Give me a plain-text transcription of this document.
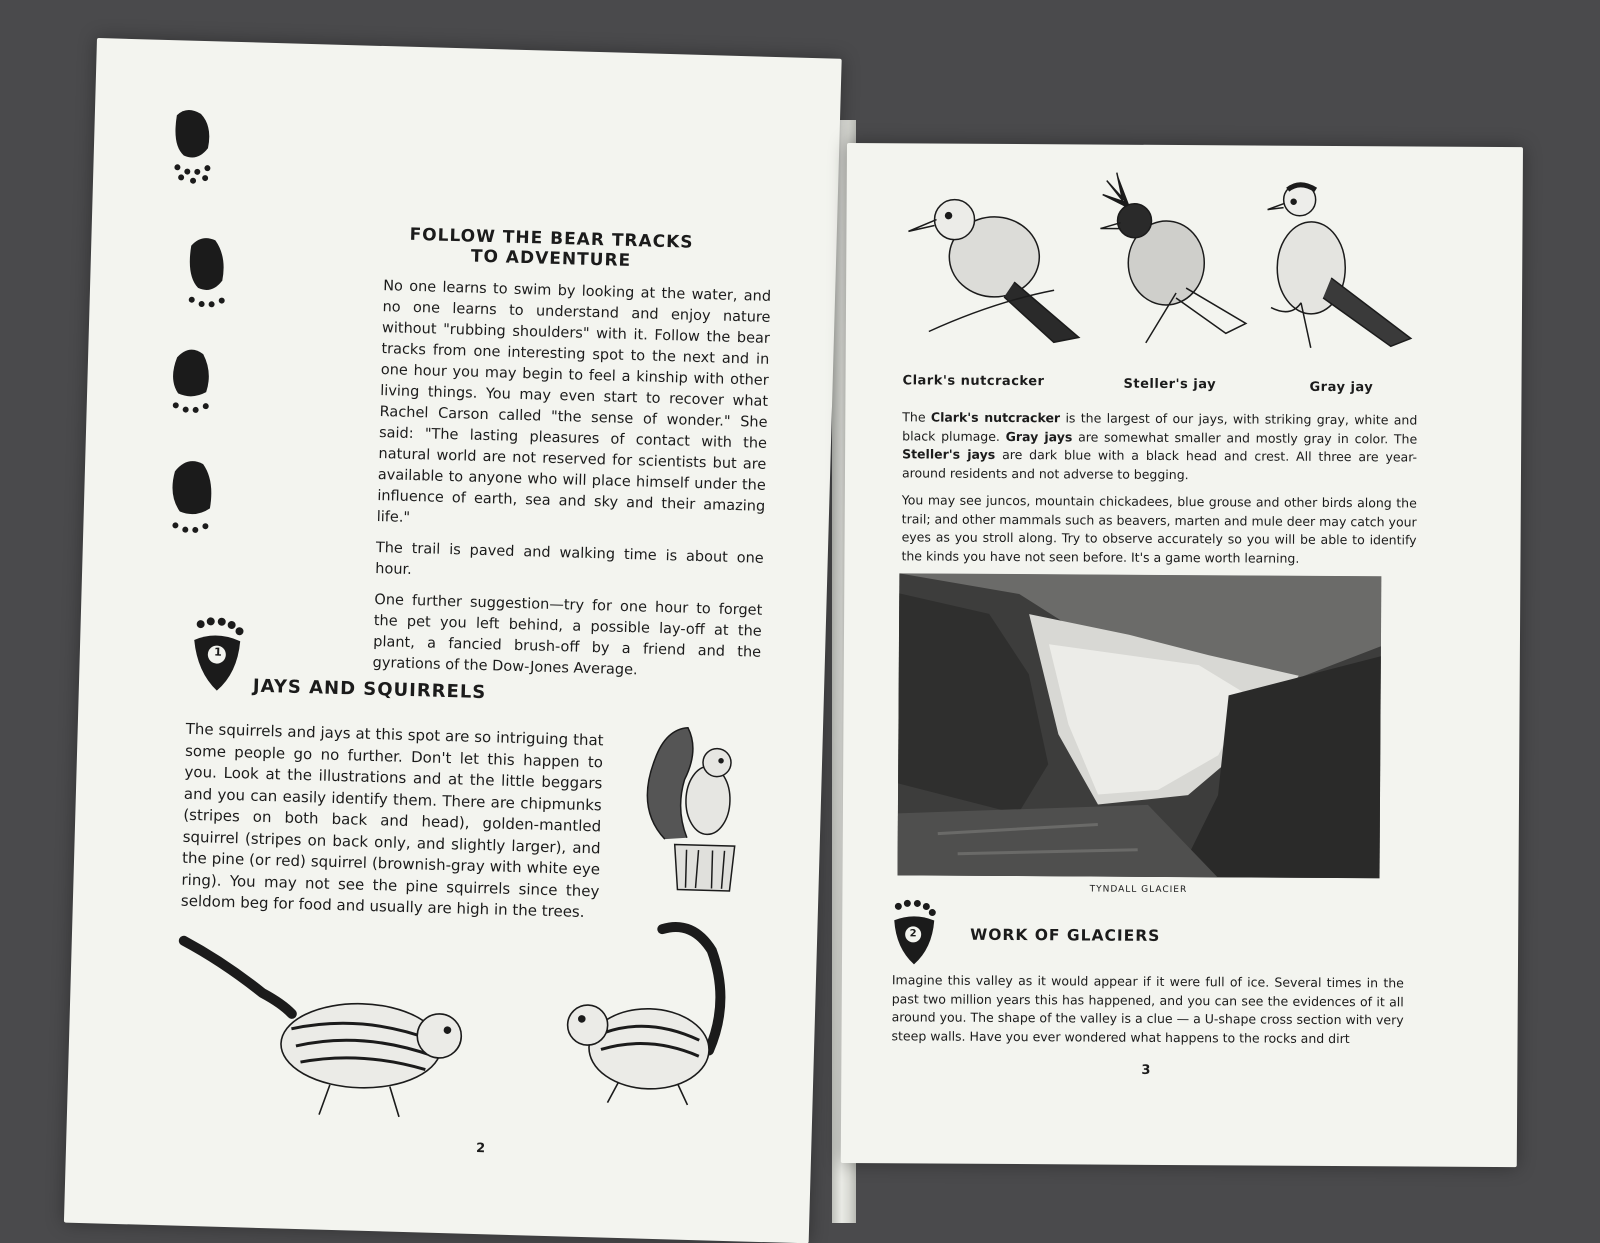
FOLLOW THE BEAR TRACKS
TO ADVENTURE

No one learns to swim by looking at the water, and no one learns to understand and enjoy nature without "rubbing shoulders" with it. Follow the bear tracks from one interesting spot to the next and in one hour you may begin to feel a kinship with other living things. You may even start to recover what Rachel Carson called "the sense of wonder." She said: "The lasting pleasures of contact with the natural world are not reserved for scientists but are available to anyone who will place himself under the influence of earth, sea and sky and their amazing life."

The trail is paved and walking time is about one hour.

One further suggestion—try for one hour to forget the pet you left behind, a possible lay-off at the plant, a fancied brush-off by a friend and the gyrations of the Dow-Jones Average.

1
JAYS AND SQUIRRELS
The squirrels and jays at this spot are so intriguing that some people go no further. Don't let this happen to you. Look at the illustrations and at the little beggars and you can easily identify them. There are chipmunks (stripes on both back and head), golden-mantled squirrel (stripes on back only, and slightly larger), and the pine (or red) squirrel (brownish-gray with white eye ring). You may not see the pine squirrels since they seldom beg for food and usually are high in the trees.
2
Clark's nutcracker	Steller's jay	Gray jay

The Clark's nutcracker is the largest of our jays, with striking gray, white and black plumage. Gray jays are somewhat smaller and mostly gray in color. The Steller's jays are dark blue with a black head and crest. All three are year-around residents and not adverse to begging.

You may see juncos, mountain chickadees, blue grouse and other birds along the trail; and other mammals such as beavers, marten and mule deer may catch your eyes as you stroll along. Try to observe accurately so you will be able to identify the kinds you have not seen before. It's a game worth learning.

TYNDALL GLACIER
2	WORK OF GLACIERS
Imagine this valley as it would appear if it were full of ice. Several times in the past two million years this has happened, and you can see the evidences of it all around you. The shape of the valley is a clue — a U-shape cross section with very steep walls. Have you ever wondered what happens to the rocks and dirt
3
